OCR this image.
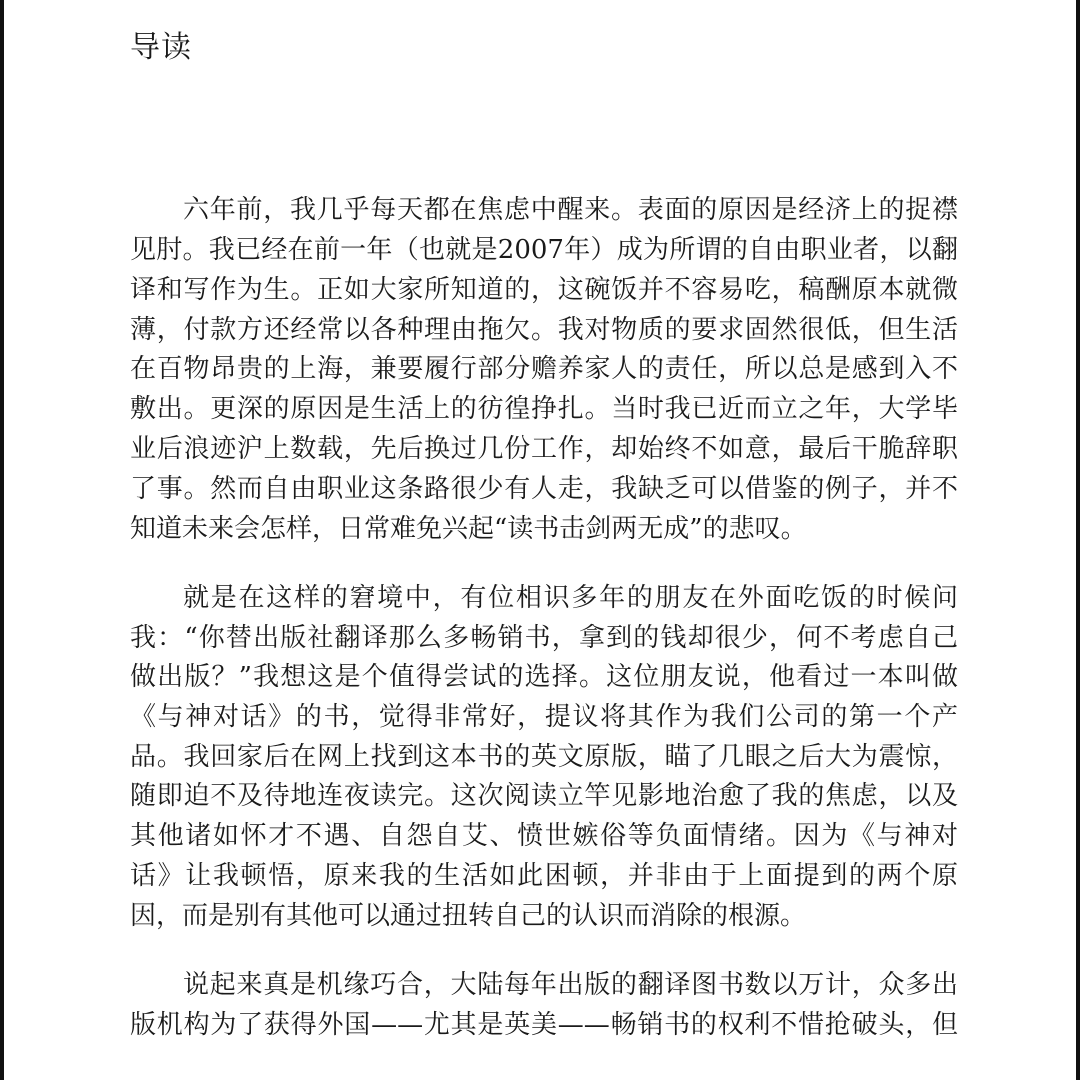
导读
六年前，我几乎每天都在焦虑中醒来。表面的原因是经济上的捉襟
见肘。我已经在前一年（也就是2007年）成为所谓的自由职业者，以翻
译和写作为生。正如大家所知道的，这碗饭并不容易吃，稿酬原本就微
薄，付款方还经常以各种理由拖欠。我对物质的要求固然很低，但生活
在百物昂贵的上海，兼要履行部分赡养家人的责任，所以总是感到入不
敷出。更深的原因是生活上的彷徨挣扎。当时我已近而立之年，大学毕
业后浪迹沪上数载，先后换过几份工作，却始终不如意，最后干脆辞职
了事。然而自由职业这条路很少有人走，我缺乏可以借鉴的例子，并不
知道未来会怎样，日常难免兴起“读书击剑两无成”的悲叹。
就是在这样的窘境中，有位相识多年的朋友在外面吃饭的时候问
我：“你替出版社翻译那么多畅销书，拿到的钱却很少，何不考虑自己
做出版？”我想这是个值得尝试的选择。这位朋友说，他看过一本叫做
《与神对话》的书，觉得非常好，提议将其作为我们公司的第一个产
品。我回家后在网上找到这本书的英文原版，瞄了几眼之后大为震惊，
随即迫不及待地连夜读完。这次阅读立竿见影地治愈了我的焦虑，以及
其他诸如怀才不遇、自怨自艾、愤世嫉俗等负面情绪。因为《与神对
话》让我顿悟，原来我的生活如此困顿，并非由于上面提到的两个原
因，而是别有其他可以通过扭转自己的认识而消除的根源。
说起来真是机缘巧合，大陆每年出版的翻译图书数以万计，众多出
版机构为了获得外国——尤其是英美——畅销书的权利不惜抢破头，但
